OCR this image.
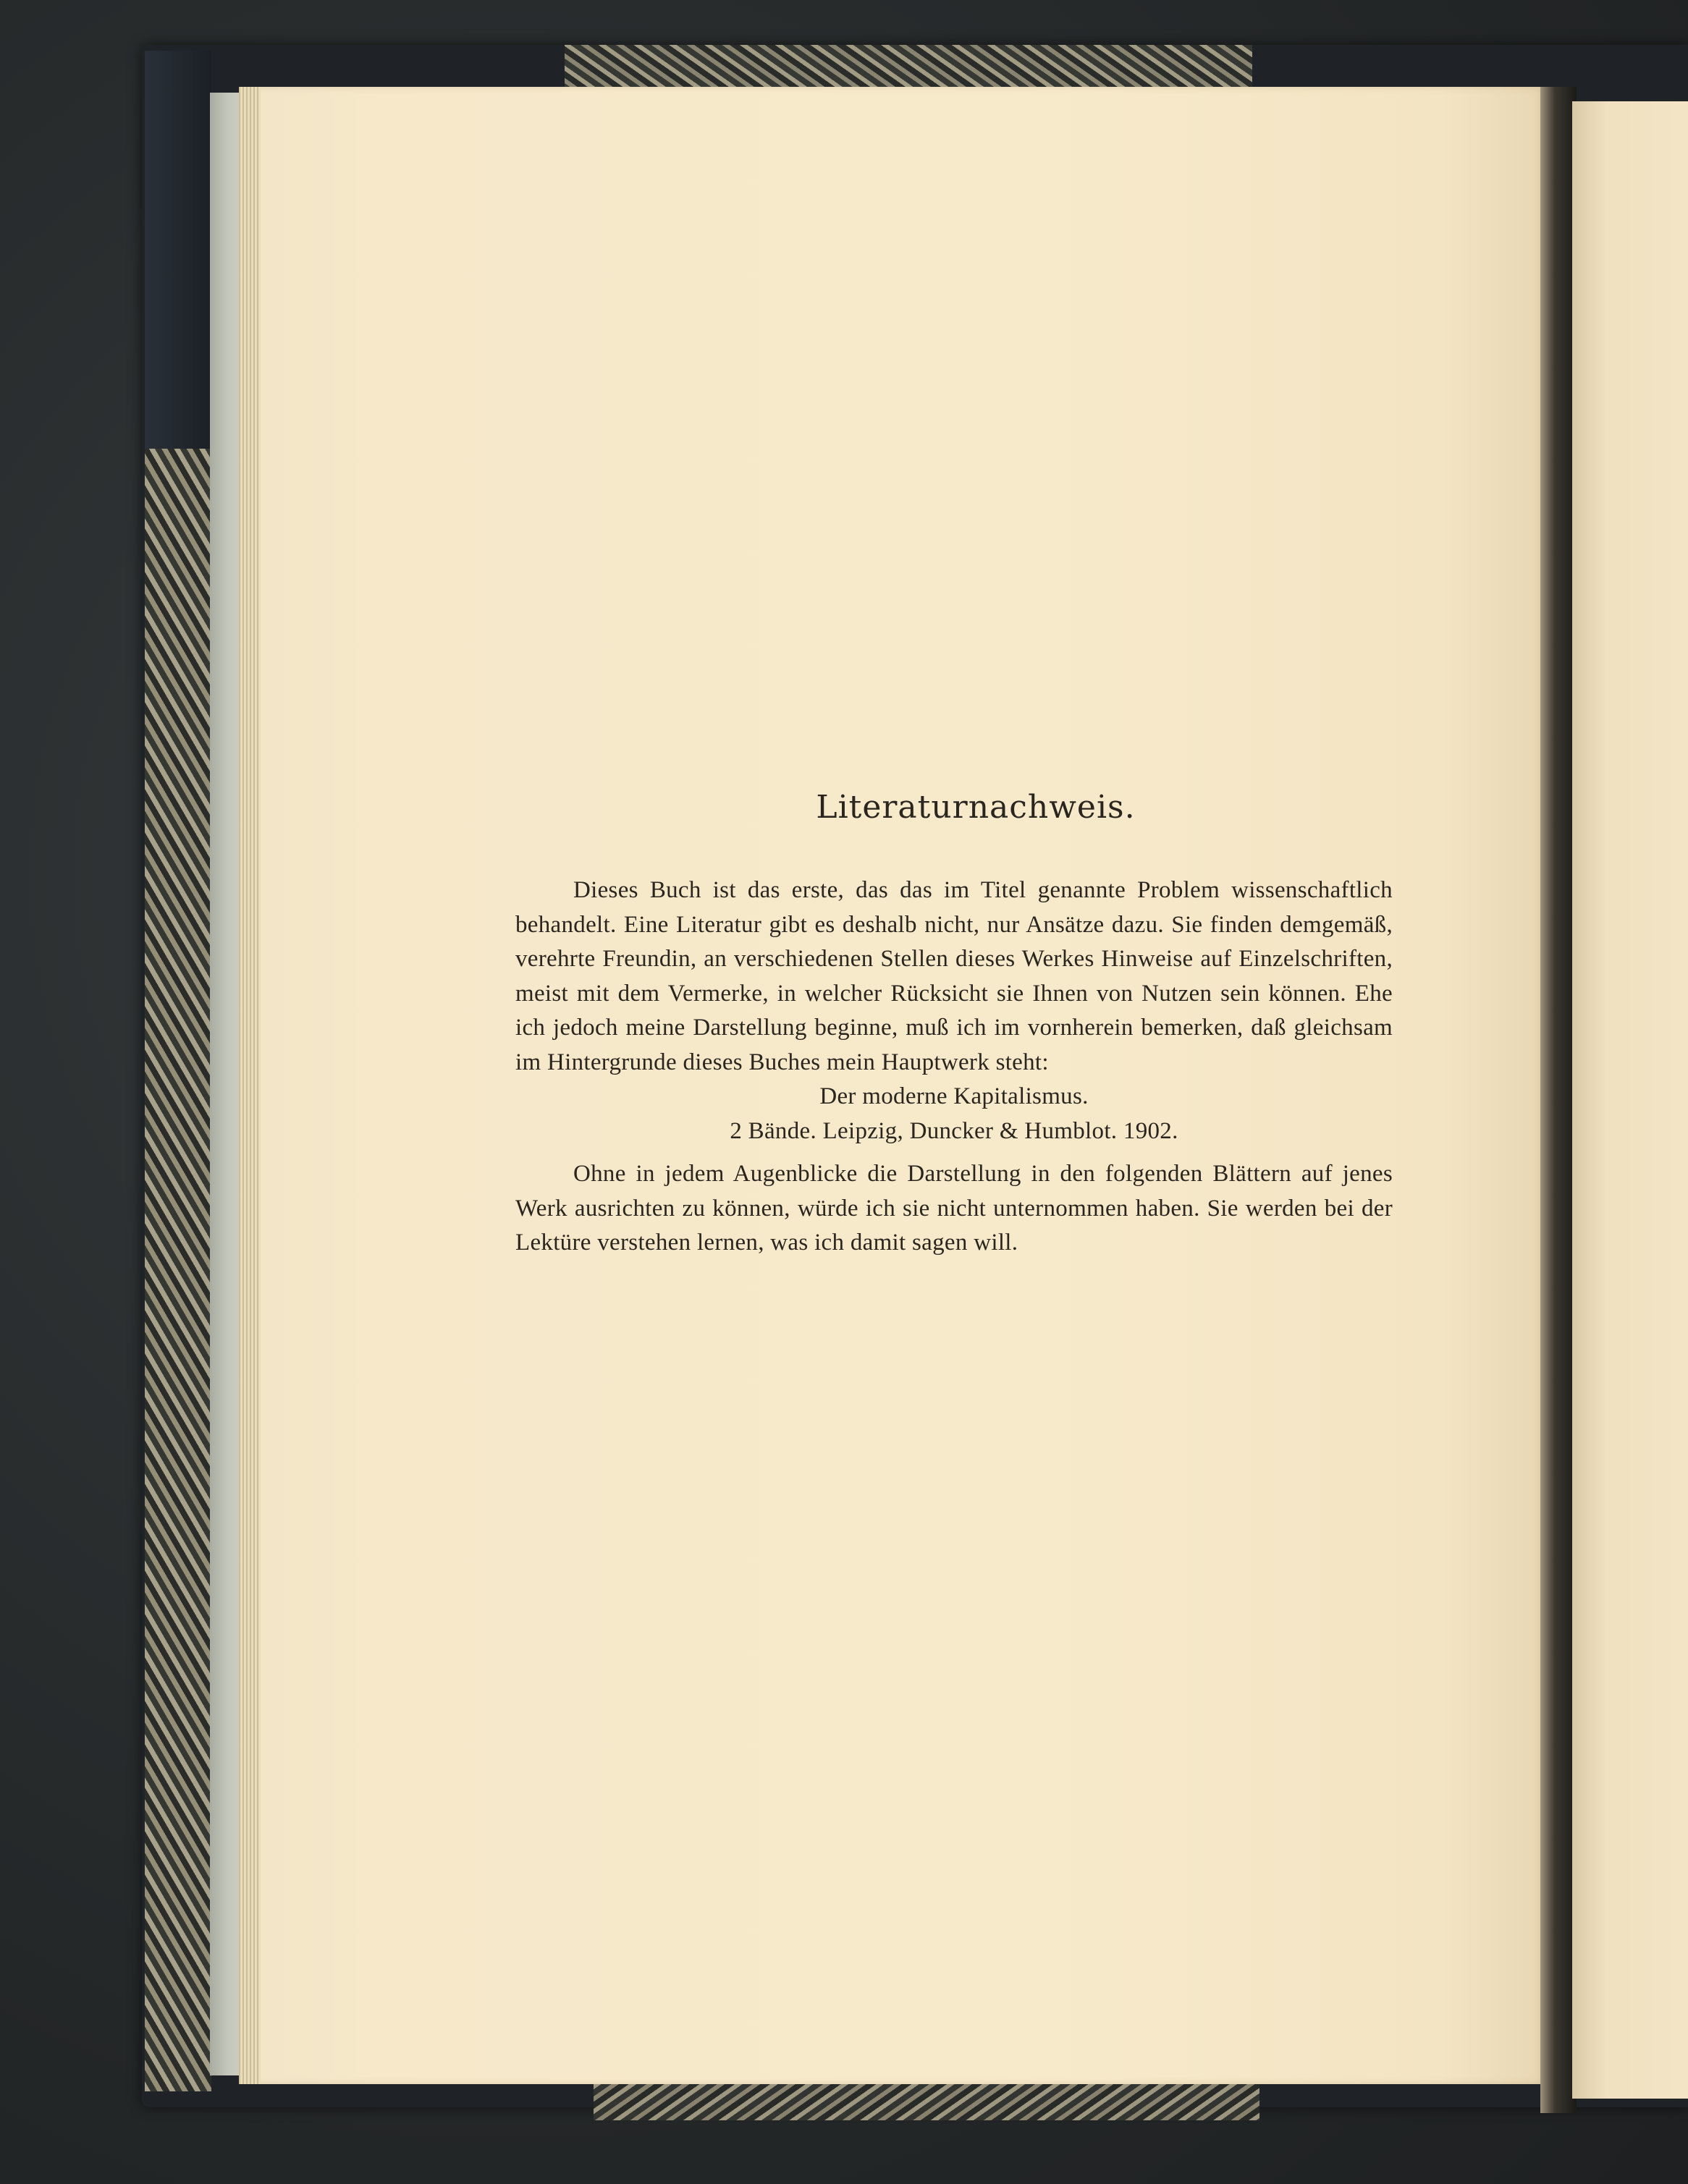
Literaturnachweis.

Dieses Buch ist das erste, das das im Titel genannte Problem wissenschaftlich behandelt. Eine Literatur gibt es deshalb nicht, nur Ansätze dazu. Sie finden demgemäß, verehrte Freundin, an verschiedenen Stellen dieses Werkes Hinweise auf Einzelschriften, meist mit dem Vermerke, in welcher Rücksicht sie Ihnen von Nutzen sein können. Ehe ich jedoch meine Darstellung beginne, muß ich im vornherein bemerken, daß gleichsam im Hintergrunde dieses Buches mein Hauptwerk steht:

Der moderne Kapitalismus.

2 Bände. Leipzig, Duncker & Humblot. 1902.

Ohne in jedem Augenblicke die Darstellung in den folgenden Blättern auf jenes Werk ausrichten zu können, würde ich sie nicht unternommen haben. Sie werden bei der Lektüre verstehen lernen, was ich damit sagen will.
